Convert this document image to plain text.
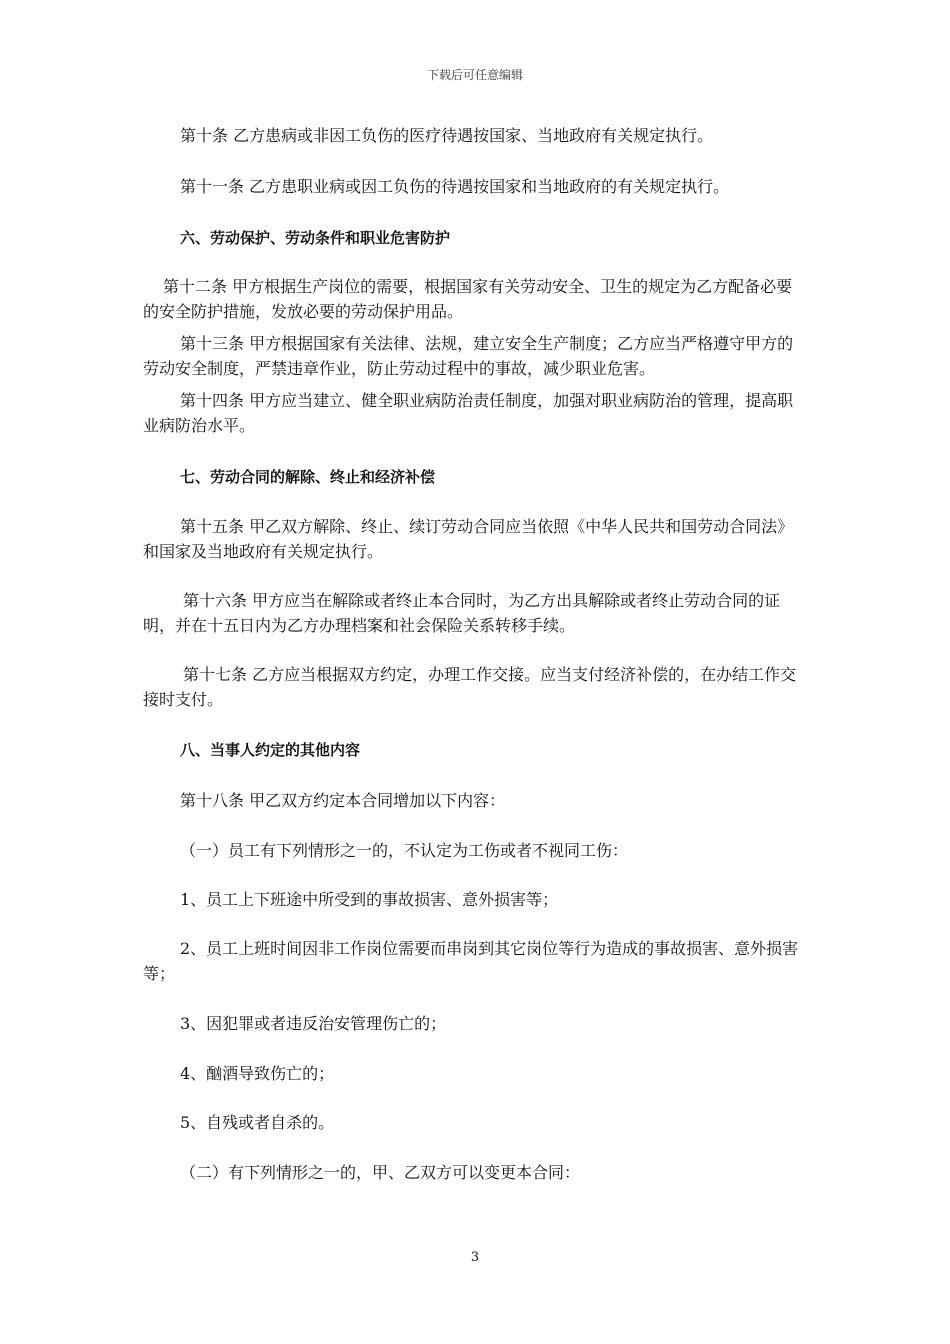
下载后可任意编辑

第十条 乙方患病或非因工负伤的医疗待遇按国家、当地政府有关规定执行。

第十一条 乙方患职业病或因工负伤的待遇按国家和当地政府的有关规定执行。

六、劳动保护、劳动条件和职业危害防护

第十二条 甲方根据生产岗位的需要，根据国家有关劳动安全、卫生的规定为乙方配备必要的安全防护措施，发放必要的劳动保护用品。

第十三条 甲方根据国家有关法律、法规，建立安全生产制度；乙方应当严格遵守甲方的劳动安全制度，严禁违章作业，防止劳动过程中的事故，减少职业危害。

第十四条 甲方应当建立、健全职业病防治责任制度，加强对职业病防治的管理，提高职业病防治水平。

七、劳动合同的解除、终止和经济补偿

第十五条 甲乙双方解除、终止、续订劳动合同应当依照《中华人民共和国劳动合同法》和国家及当地政府有关规定执行。

第十六条 甲方应当在解除或者终止本合同时，为乙方出具解除或者终止劳动合同的证明，并在十五日内为乙方办理档案和社会保险关系转移手续。

第十七条 乙方应当根据双方约定，办理工作交接。应当支付经济补偿的，在办结工作交接时支付。

八、当事人约定的其他内容

第十八条 甲乙双方约定本合同增加以下内容：

（一）员工有下列情形之一的，不认定为工伤或者不视同工伤：

1、员工上下班途中所受到的事故损害、意外损害等；

2、员工上班时间因非工作岗位需要而串岗到其它岗位等行为造成的事故损害、意外损害等；

3、因犯罪或者违反治安管理伤亡的；

4、酗酒导致伤亡的；

5、自残或者自杀的。

（二）有下列情形之一的，甲、乙双方可以变更本合同：

3
